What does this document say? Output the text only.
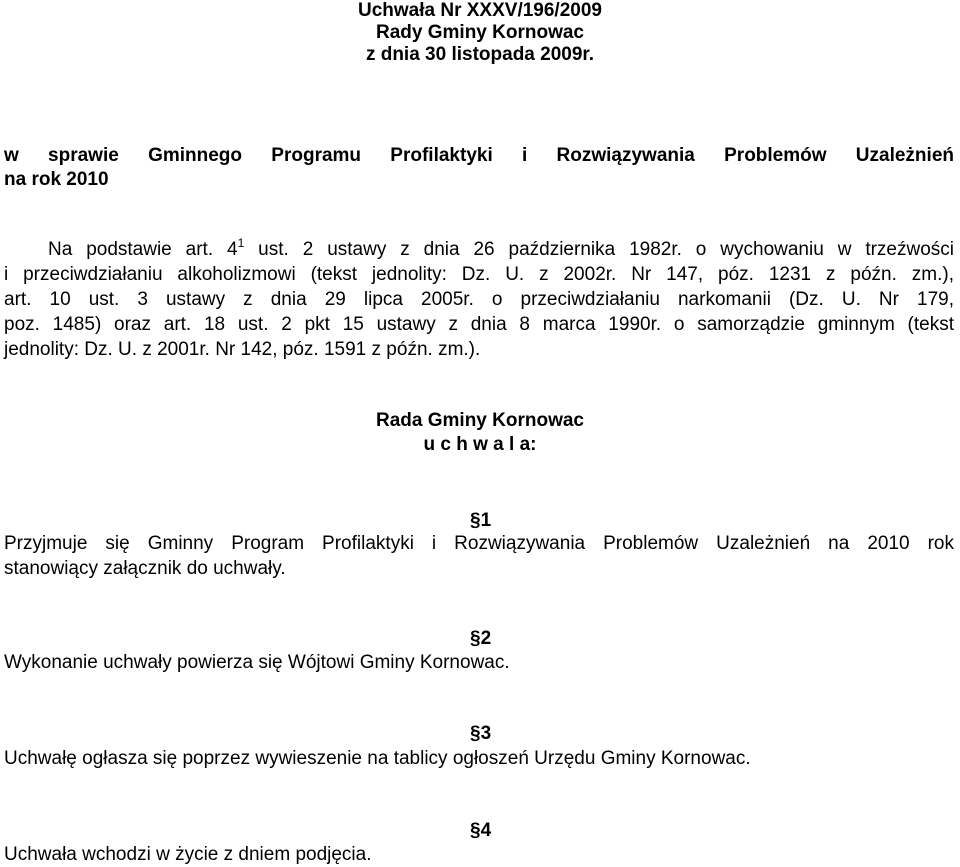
Uchwała Nr XXXV/196/2009
Rady Gminy Kornowac
z dnia 30 listopada 2009r.
w sprawie Gminnego Programu Profilaktyki i Rozwiązywania Problemów Uzależnień
na rok 2010
Na podstawie art. $4^1$ ust. 2 ustawy z dnia 26 października 1982r. o wychowaniu w trzeźwości
i przeciwdziałaniu alkoholizmowi (tekst jednolity: Dz. U. z 2002r. Nr 147, póz. 1231 z późn. zm.),
art. 10 ust. 3 ustawy z dnia 29 lipca 2005r. o przeciwdziałaniu narkomanii (Dz. U. Nr 179,
poz. 1485) oraz art. 18 ust. 2 pkt 15 ustawy z dnia 8 marca 1990r. o samorządzie gminnym (tekst
jednolity: Dz. U. z 2001r. Nr 142, póz. 1591 z późn. zm.).
Rada Gminy Kornowac
u c h w a l a:
§1
Przyjmuje się Gminny Program Profilaktyki i Rozwiązywania Problemów Uzależnień na 2010 rok
stanowiący załącznik do uchwały.
§2
Wykonanie uchwały powierza się Wójtowi Gminy Kornowac.
§3
Uchwałę ogłasza się poprzez wywieszenie na tablicy ogłoszeń Urzędu Gminy Kornowac.
§4
Uchwała wchodzi w życie z dniem podjęcia.
